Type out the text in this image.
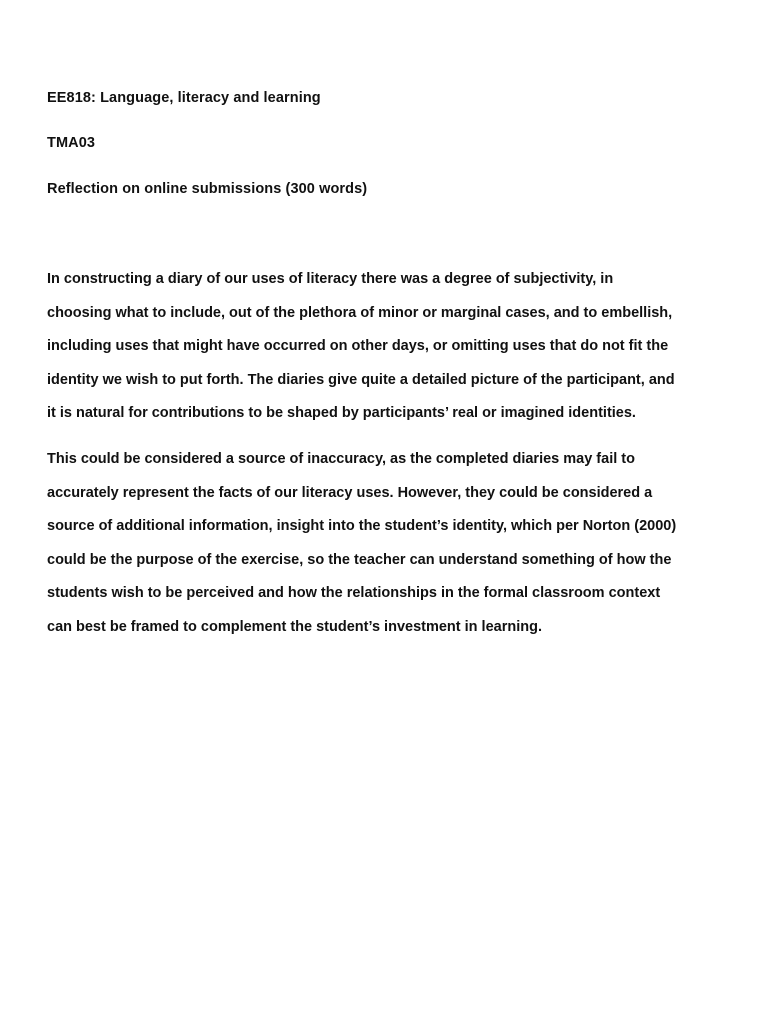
EE818: Language, literacy and learning

TMA03

Reflection on online submissions (300 words)

In constructing a diary of our uses of literacy there was a degree of subjectivity, in
choosing what to include, out of the plethora of minor or marginal cases, and to embellish,
including uses that might have occurred on other days, or omitting uses that do not fit the
identity we wish to put forth. The diaries give quite a detailed picture of the participant, and
it is natural for contributions to be shaped by participants’ real or imagined identities.
This could be considered a source of inaccuracy, as the completed diaries may fail to
accurately represent the facts of our literacy uses. However, they could be considered a
source of additional information, insight into the student’s identity, which per Norton (2000)
could be the purpose of the exercise, so the teacher can understand something of how the
students wish to be perceived and how the relationships in the formal classroom context
can best be framed to complement the student’s investment in learning.
